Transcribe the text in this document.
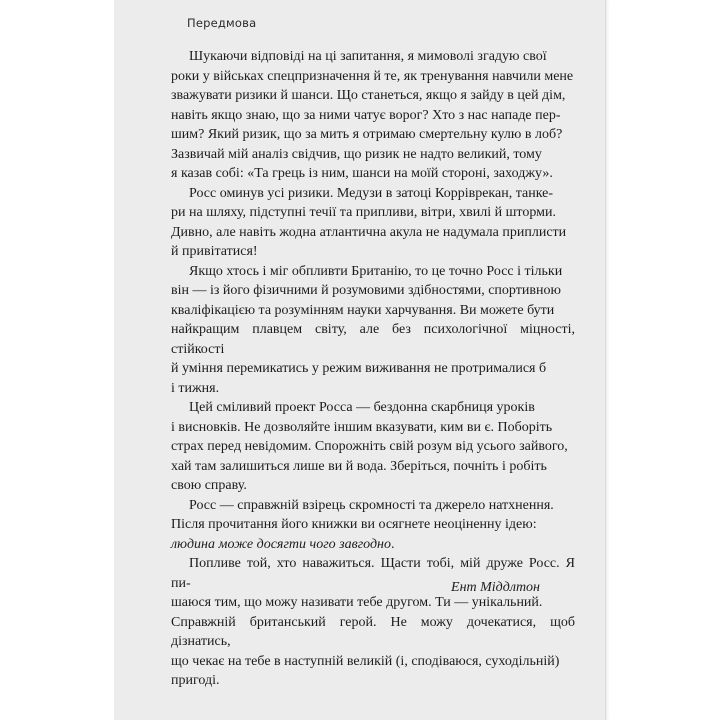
Передмова

Шукаючи відповіді на ці запитання, я мимоволі згадую свої
роки у військах спецпризначення й те, як тренування навчили мене
зважувати ризики й шанси. Що станеться, якщо я зайду в цей дім,
навіть якщо знаю, що за ними чатує ворог? Хто з нас нападе пер-
шим? Який ризик, що за мить я отримаю смертельну кулю в лоб?
Зазвичай мій аналіз свідчив, що ризик не надто великий, тому
я казав собі: «Та грець із ним, шанси на моїй стороні, заходжу».

Росс оминув усі ризики. Медузи в затоці Корріврекан, танке-
ри на шляху, підступні течії та припливи, вітри, хвилі й шторми.
Дивно, але навіть жодна атлантична акула не надумала приплисти
й привітатися!

Якщо хтось і міг обпливти Британію, то це точно Росс і тільки
він — із його фізичними й розумовими здібностями, спортивною
кваліфікацією та розумінням науки харчування. Ви можете бути
найкращим плавцем світу, але без психологічної міцності, стійкості
й уміння перемикатись у режим виживання не протрималися б
і тижня.

Цей сміливий проект Росса — бездонна скарбниця уроків
і висновків. Не дозволяйте іншим вказувати, ким ви є. Поборіть
страх перед невідомим. Спорожніть свій розум від усього зайвого,
хай там залишиться лише ви й вода. Зберіться, почніть і робіть
свою справу.

Росс — справжній взірець скромності та джерело натхнення.
Після прочитання його книжки ви осягнете неоціненну ідею:
людина може досягти чого завгодно.

Попливе той, хто наважиться. Щасти тобі, мій друже Росс. Я пи-
шаюся тим, що можу називати тебе другом. Ти — унікальний.
Справжній британський герой. Не можу дочекатися, щоб дізнатись,
що чекає на тебе в наступній великій (і, сподіваюся, суходільній)
пригоді.

Ент Міддлтон
